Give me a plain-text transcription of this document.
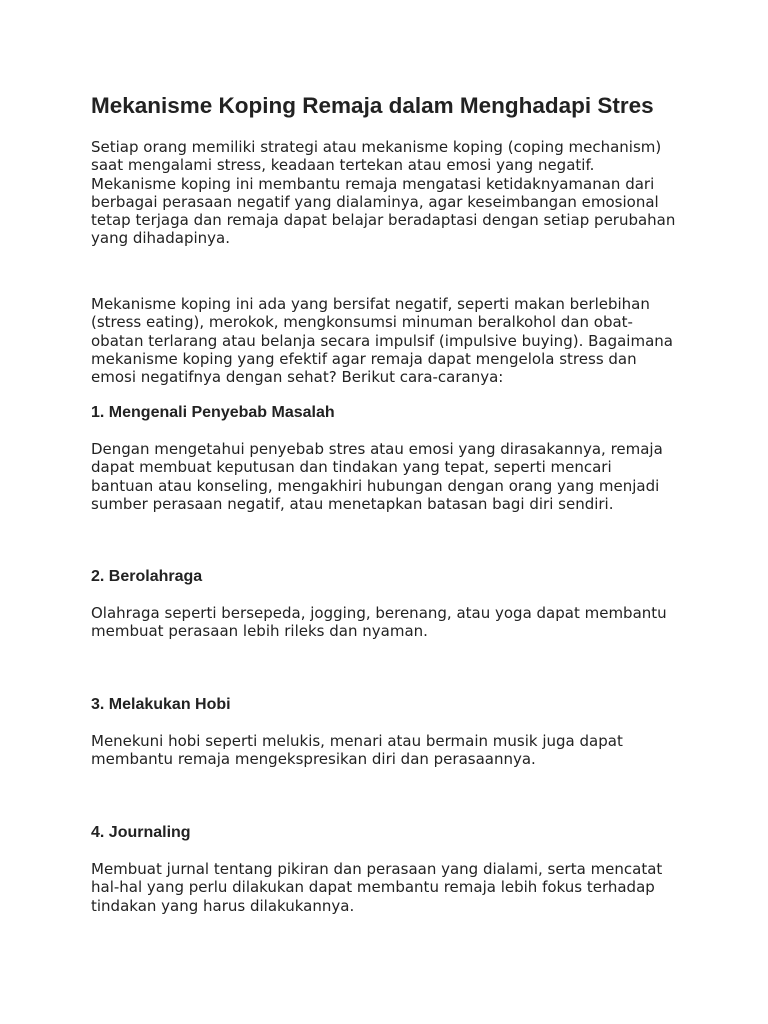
Mekanisme Koping Remaja dalam Menghadapi Stres

Setiap orang memiliki strategi atau mekanisme koping (coping mechanism)
saat mengalami stress, keadaan tertekan atau emosi yang negatif.
Mekanisme koping ini membantu remaja mengatasi ketidaknyamanan dari
berbagai perasaan negatif yang dialaminya, agar keseimbangan emosional
tetap terjaga dan remaja dapat belajar beradaptasi dengan setiap perubahan
yang dihadapinya.

Mekanisme koping ini ada yang bersifat negatif, seperti makan berlebihan
(stress eating), merokok, mengkonsumsi minuman beralkohol dan obat-
obatan terlarang atau belanja secara impulsif (impulsive buying). Bagaimana
mekanisme koping yang efektif agar remaja dapat mengelola stress dan
emosi negatifnya dengan sehat? Berikut cara-caranya:

1. Mengenali Penyebab Masalah

Dengan mengetahui penyebab stres atau emosi yang dirasakannya, remaja
dapat membuat keputusan dan tindakan yang tepat, seperti mencari
bantuan atau konseling, mengakhiri hubungan dengan orang yang menjadi
sumber perasaan negatif, atau menetapkan batasan bagi diri sendiri.

2. Berolahraga

Olahraga seperti bersepeda, jogging, berenang, atau yoga dapat membantu
membuat perasaan lebih rileks dan nyaman.

3. Melakukan Hobi

Menekuni hobi seperti melukis, menari atau bermain musik juga dapat
membantu remaja mengekspresikan diri dan perasaannya.

4. Journaling

Membuat jurnal tentang pikiran dan perasaan yang dialami, serta mencatat
hal-hal yang perlu dilakukan dapat membantu remaja lebih fokus terhadap
tindakan yang harus dilakukannya.
